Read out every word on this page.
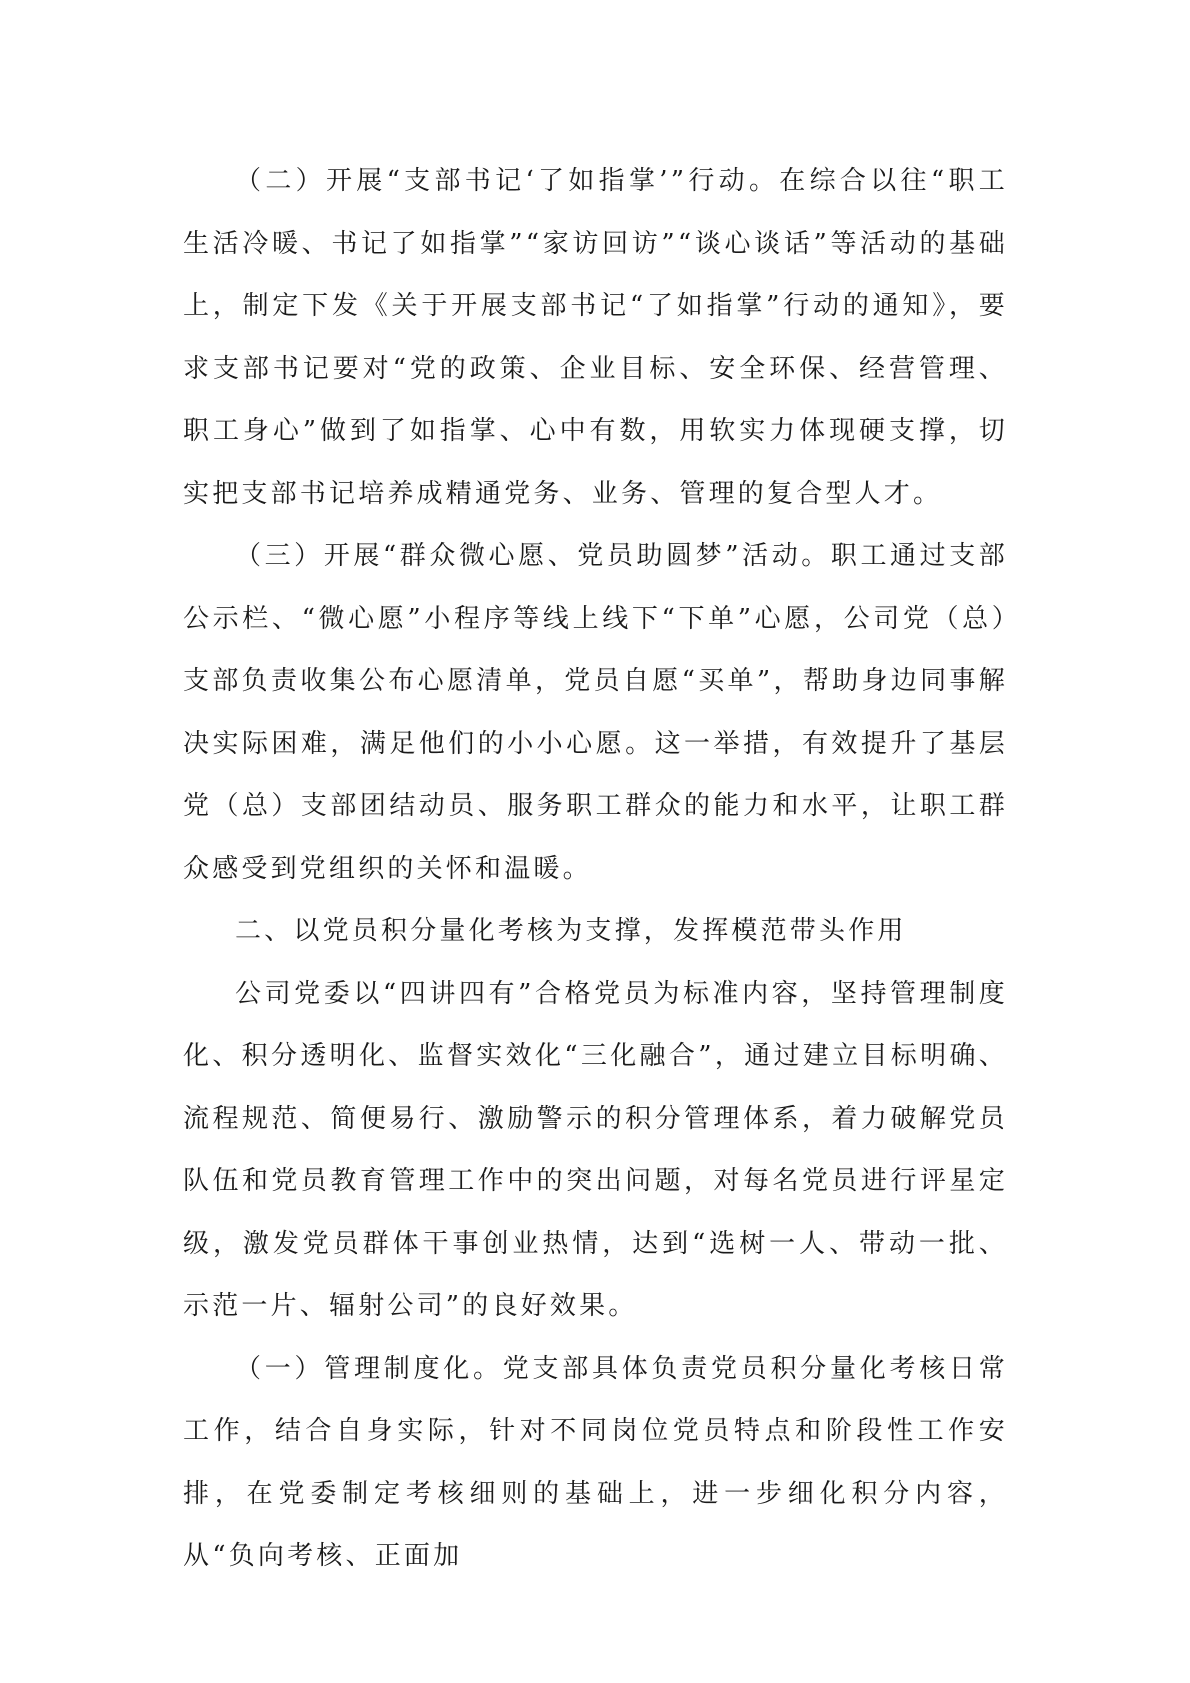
（二）开展“支部书记‘了如指掌’”行动。在综合以往“职工生活冷暖、书记了如指掌”“家访回访”“谈心谈话”等活动的基础上，制定下发《关于开展支部书记“了如指掌”行动的通知》，要求支部书记要对“党的政策、企业目标、安全环保、经营管理、职工身心”做到了如指掌、心中有数，用软实力体现硬支撑，切实把支部书记培养成精通党务、业务、管理的复合型人才。

（三）开展“群众微心愿、党员助圆梦”活动。职工通过支部公示栏、“微心愿”小程序等线上线下“下单”心愿，公司党（总）支部负责收集公布心愿清单，党员自愿“买单”，帮助身边同事解决实际困难，满足他们的小小心愿。这一举措，有效提升了基层党（总）支部团结动员、服务职工群众的能力和水平，让职工群众感受到党组织的关怀和温暖。

二、以党员积分量化考核为支撑，发挥模范带头作用

公司党委以“四讲四有”合格党员为标准内容，坚持管理制度化、积分透明化、监督实效化“三化融合”，通过建立目标明确、流程规范、简便易行、激励警示的积分管理体系，着力破解党员队伍和党员教育管理工作中的突出问题，对每名党员进行评星定级，激发党员群体干事创业热情，达到“选树一人、带动一批、示范一片、辐射公司”的良好效果。

（一）管理制度化。党支部具体负责党员积分量化考核日常工作，结合自身实际，针对不同岗位党员特点和阶段性工作安排，在党委制定考核细则的基础上，进一步细化积分内容，从“负向考核、正面加
